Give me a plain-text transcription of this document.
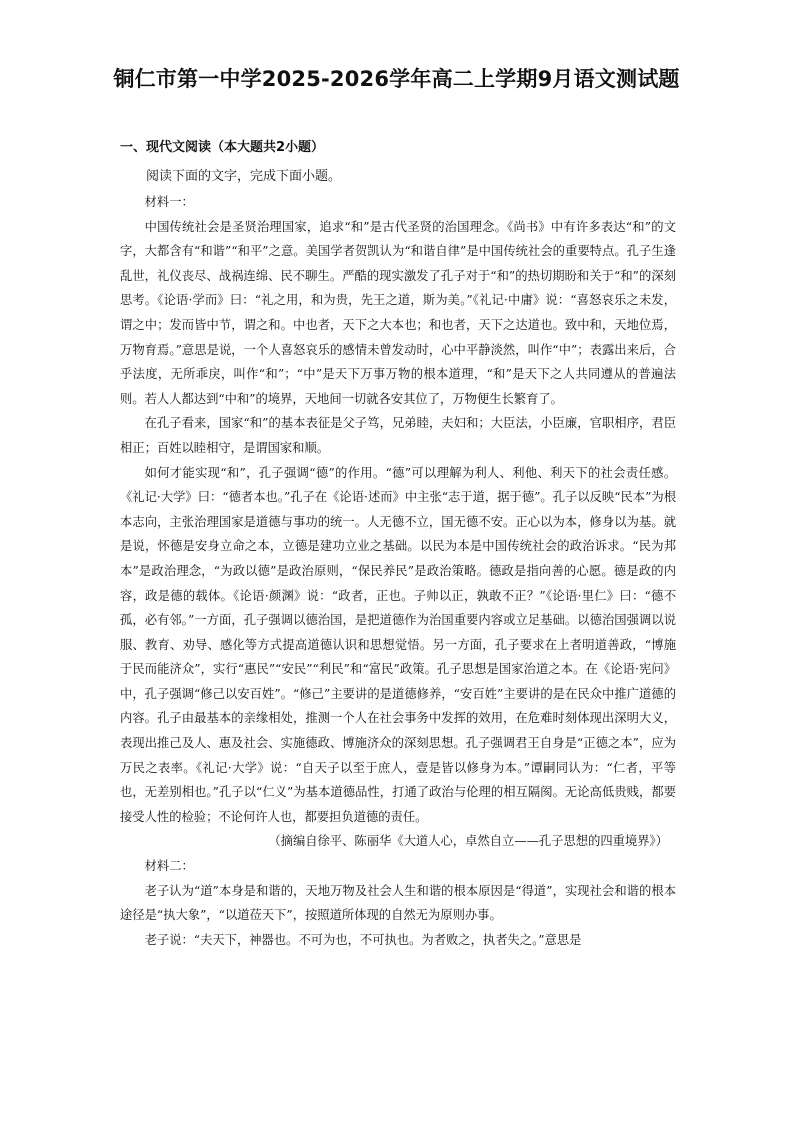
铜仁市第一中学2025-2026学年高二上学期9月语文测试题
一、现代文阅读（本大题共2小题）

阅读下面的文字，完成下面小题。

材料一：

中国传统社会是圣贤治理国家，追求“和”是古代圣贤的治国理念。《尚书》中有许多表达“和”的文字，大都含有“和谐”“和平”之意。美国学者贺凯认为“和谐自律”是中国传统社会的重要特点。孔子生逢乱世，礼仪丧尽、战祸连绵、民不聊生。严酷的现实激发了孔子对于“和”的热切期盼和关于“和”的深刻思考。《论语·学而》曰：“礼之用，和为贵，先王之道，斯为美。”《礼记·中庸》说：“喜怒哀乐之未发，谓之中；发而皆中节，谓之和。中也者，天下之大本也；和也者，天下之达道也。致中和，天地位焉，万物育焉。”意思是说，一个人喜怒哀乐的感情未曾发动时，心中平静淡然，叫作“中”；表露出来后，合乎法度，无所乖戾，叫作“和”；“中”是天下万事万物的根本道理，“和”是天下之人共同遵从的普遍法则。若人人都达到“中和”的境界，天地间一切就各安其位了，万物便生长繁育了。

在孔子看来，国家“和”的基本表征是父子笃，兄弟睦，夫妇和；大臣法，小臣廉，官职相序，君臣相正；百姓以睦相守，是谓国家和顺。

如何才能实现“和”，孔子强调“德”的作用。“德”可以理解为利人、利他、利天下的社会责任感。《礼记·大学》曰：“德者本也。”孔子在《论语·述而》中主张“志于道，据于德”。孔子以反映“民本”为根本志向，主张治理国家是道德与事功的统一。人无德不立，国无德不安。正心以为本，修身以为基。就是说，怀德是安身立命之本，立德是建功立业之基础。以民为本是中国传统社会的政治诉求。“民为邦本”是政治理念，“为政以德”是政治原则，“保民养民”是政治策略。德政是指向善的心愿。德是政的内容，政是德的载体。《论语·颜渊》说：“政者，正也。子帅以正，孰敢不正？”《论语·里仁》曰：“德不孤，必有邻。”一方面，孔子强调以德治国，是把道德作为治国重要内容或立足基础。以德治国强调以说服、教育、劝导、感化等方式提高道德认识和思想觉悟。另一方面，孔子要求在上者明道善政，“博施于民而能济众”，实行“惠民”“安民”“利民”和“富民”政策。孔子思想是国家治道之本。在《论语·宪问》中，孔子强调“修己以安百姓”。“修己”主要讲的是道德修养，“安百姓”主要讲的是在民众中推广道德的内容。孔子由最基本的亲缘相处，推测一个人在社会事务中发挥的效用，在危难时刻体现出深明大义，表现出推己及人、惠及社会、实施德政、博施济众的深刻思想。孔子强调君王自身是“正德之本”，应为万民之表率。《礼记·大学》说：“自天子以至于庶人，壹是皆以修身为本。”谭嗣同认为：“仁者，平等也，无差别相也。”孔子以“仁义”为基本道德品性，打通了政治与伦理的相互隔阂。无论高低贵贱，都要接受人性的检验；不论何许人也，都要担负道德的责任。

（摘编自徐平、陈丽华《大道人心，卓然自立——孔子思想的四重境界》）

材料二：

老子认为“道”本身是和谐的，天地万物及社会人生和谐的根本原因是“得道”，实现社会和谐的根本途径是“执大象”，“以道莅天下”，按照道所体现的自然无为原则办事。

老子说：“夫天下，神器也。不可为也，不可执也。为者败之，执者失之。”意思是
